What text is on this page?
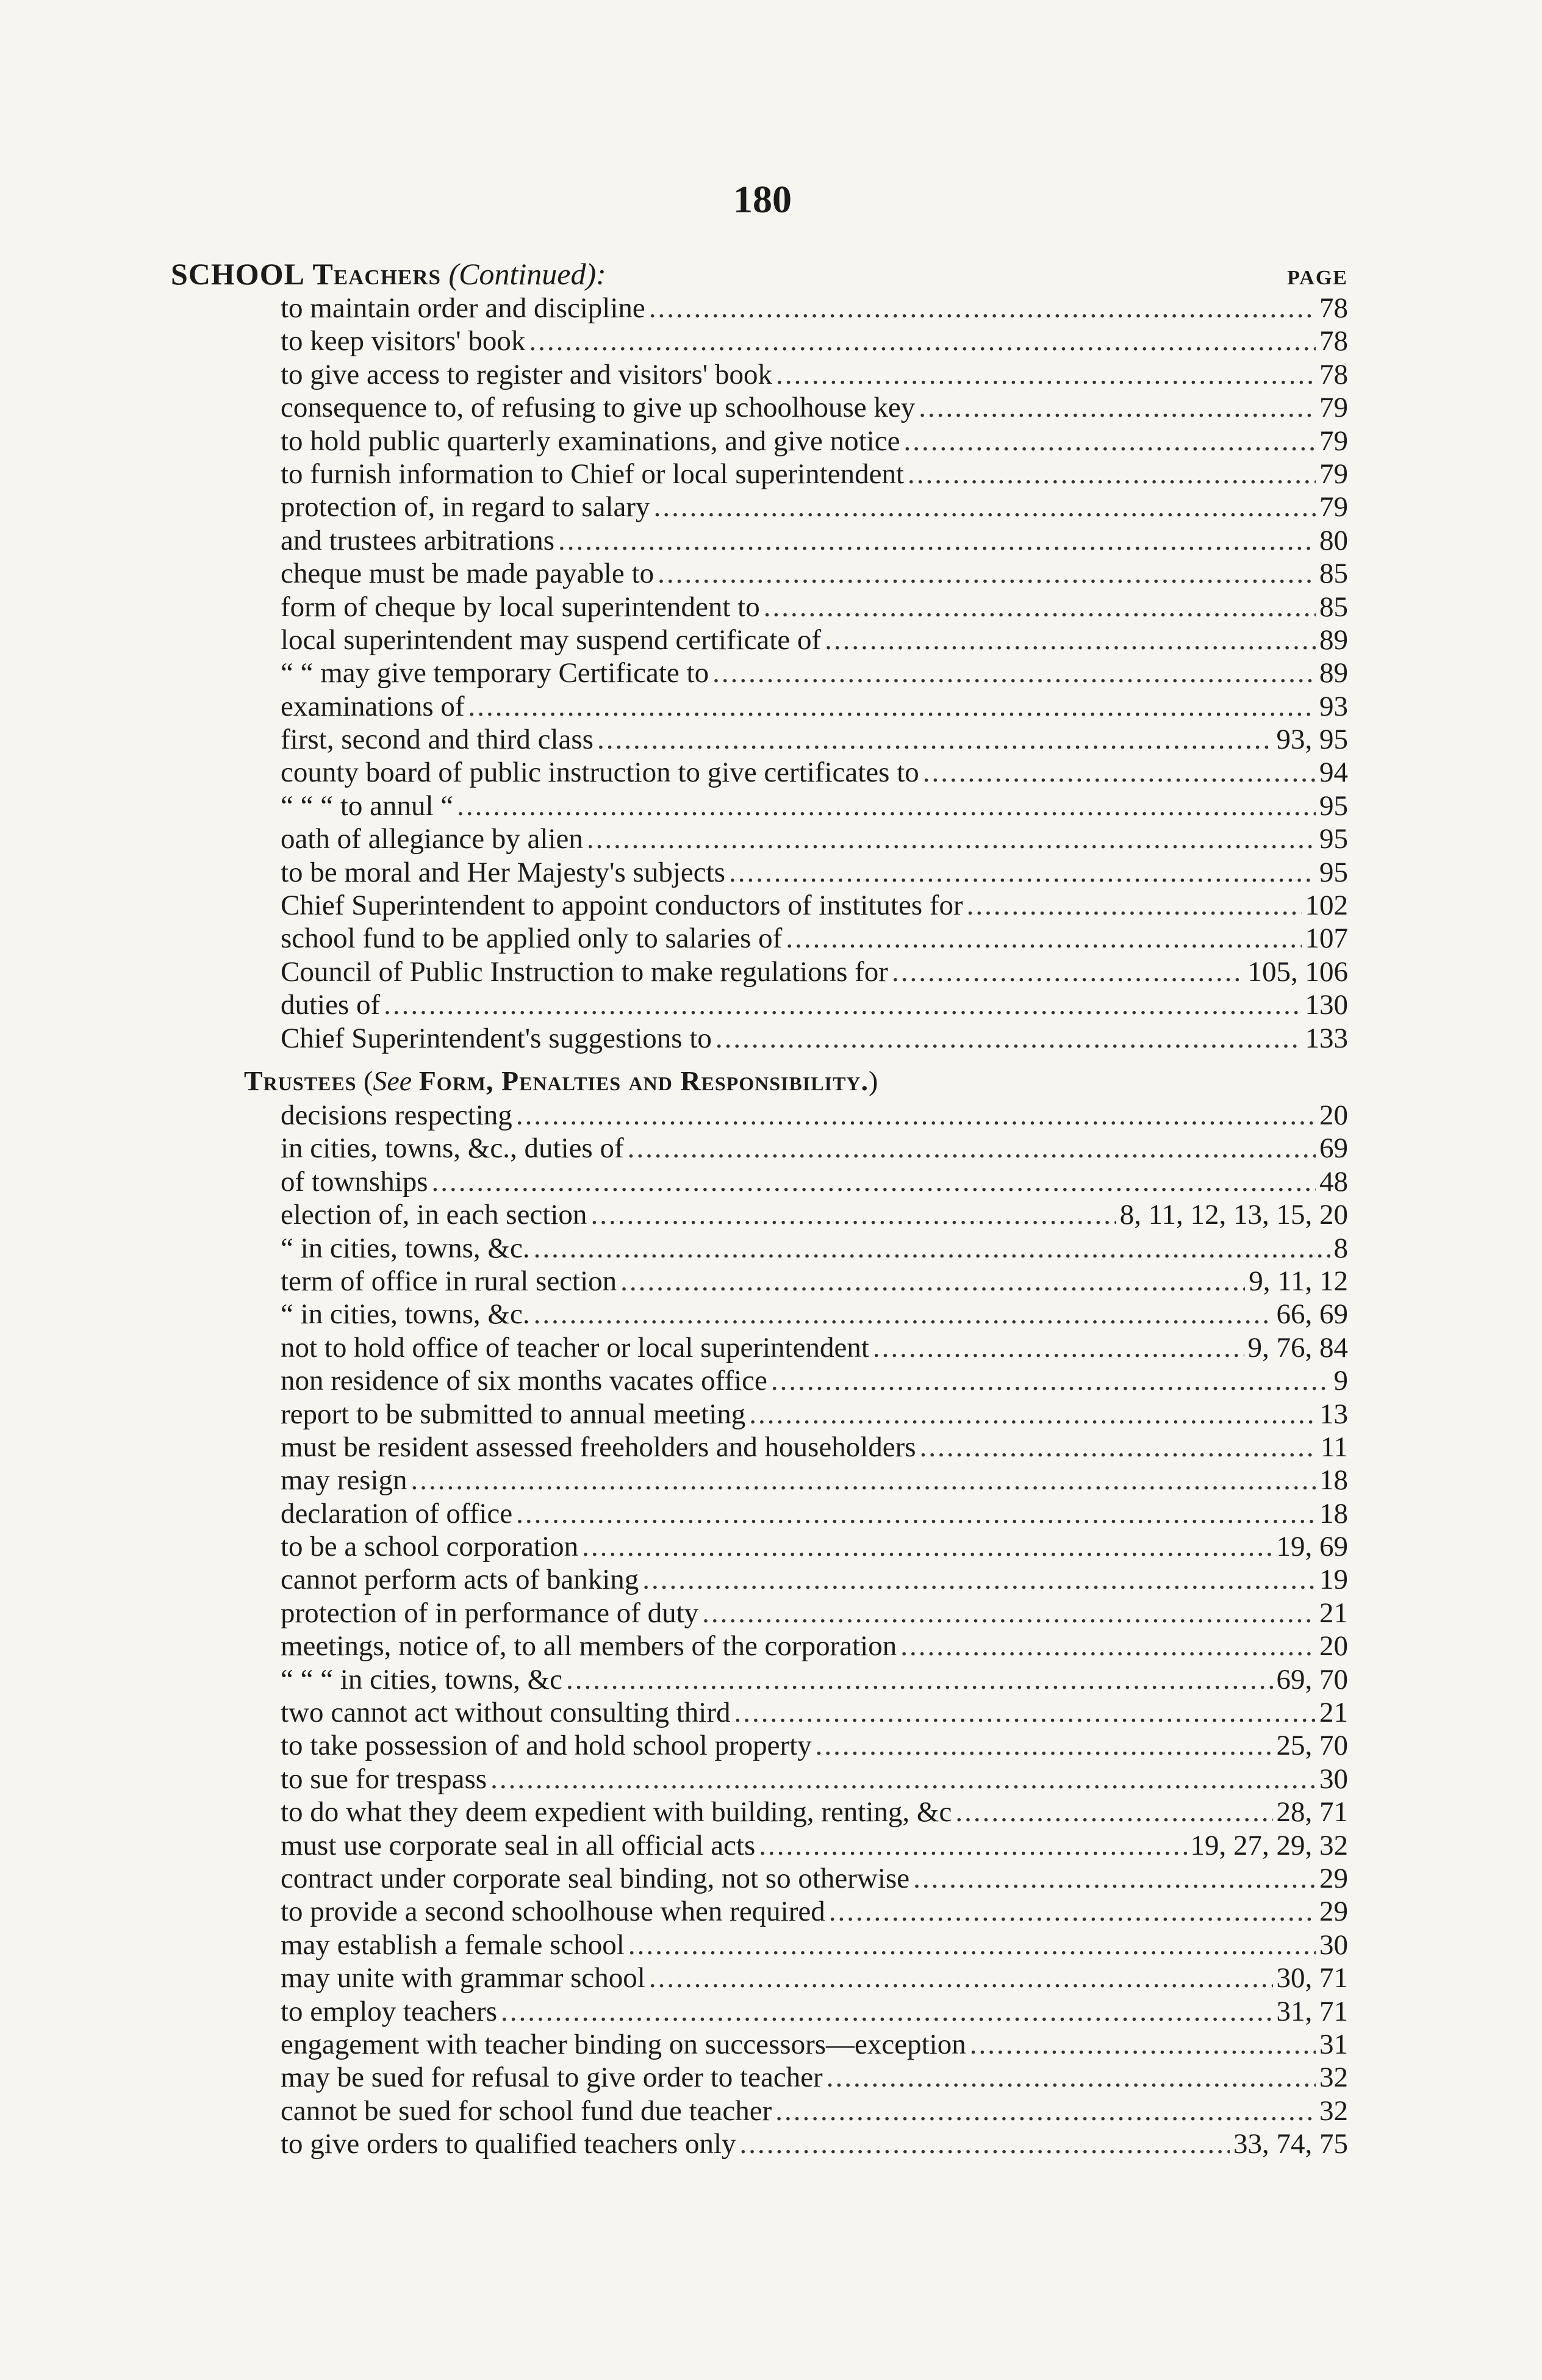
180
SCHOOL Teachers (Continued):	PAGE
to maintain order and discipline .....	78
to keep visitors' book .....	78
to give access to register and visitors' book .....	78
consequence to, of refusing to give up schoolhouse key .....	79
to hold public quarterly examinations, and give notice .....	79
to furnish information to Chief or local superintendent .....	79
protection of, in regard to salary .....	79
and trustees arbitrations .....	80
cheque must be made payable to .....	85
form of cheque by local superintendent to .....	85
local superintendent may suspend certificate of .....	89
“ “ may give temporary Certificate to .....	89
examinations of .....	93
first, second and third class .....	93, 95
county board of public instruction to give certificates to .....	94
“ “ “ to annul “ .....	95
oath of allegiance by alien .....	95
to be moral and Her Majesty's subjects .....	95
Chief Superintendent to appoint conductors of institutes for .....	102
school fund to be applied only to salaries of .....	107
Council of Public Instruction to make regulations for .....	105, 106
duties of .....	130
Chief Superintendent's suggestions to .....	133
Trustees
( See
Form, Penalties and Responsibility. )
decisions respecting .....	20
in cities, towns, &c., duties of .....	69
of townships .....	48
election of, in each section .....	8, 11, 12, 13, 15, 20
“ in cities, towns, &c. .....	8
term of office in rural section .....	9, 11, 12
“ in cities, towns, &c. .....	66, 69
not to hold office of teacher or local superintendent .....	9, 76, 84
non residence of six months vacates office .....	9
report to be submitted to annual meeting .....	13
must be resident assessed freeholders and householders .....	11
may resign .....	18
declaration of office .....	18
to be a school corporation .....	19, 69
cannot perform acts of banking .....	19
protection of in performance of duty .....	21
meetings, notice of, to all members of the corporation .....	20
“ “ “ in cities, towns, &c .....	69, 70
two cannot act without consulting third .....	21
to take possession of and hold school property .....	25, 70
to sue for trespass .....	30
to do what they deem expedient with building, renting, &c .....	28, 71
must use corporate seal in all official acts .....	19, 27, 29, 32
contract under corporate seal binding, not so otherwise .....	29
to provide a second schoolhouse when required .....	29
may establish a female school .....	30
may unite with grammar school .....	30, 71
to employ teachers .....	31, 71
engagement with teacher binding on successors—exception .....	31
may be sued for refusal to give order to teacher .....	32
cannot be sued for school fund due teacher .....	32
to give orders to qualified teachers only .....	33, 74, 75
